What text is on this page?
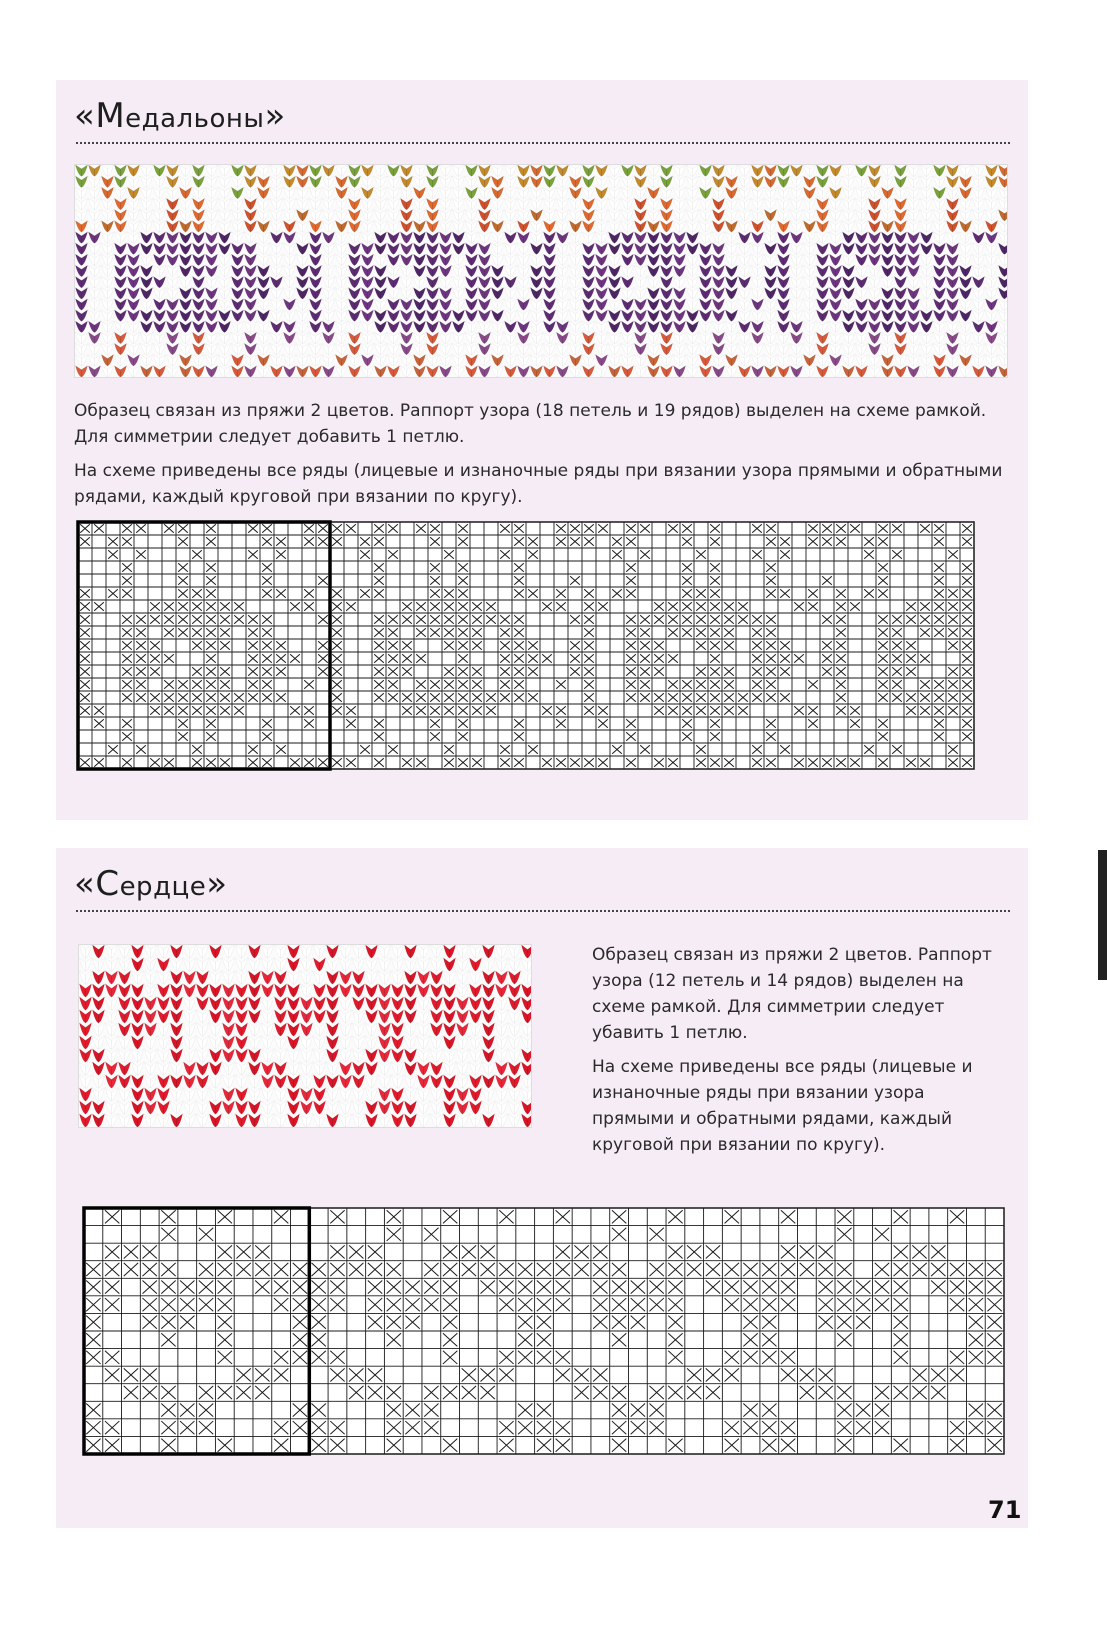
«Медальоны»

Образец связан из пряжи 2 цветов. Раппорт узора (18 петель и 19 рядов) выделен на схеме рамкой. Для симметрии следует добавить 1 петлю.

На схеме приведены все ряды (лицевые и изнаночные ряды при вязании узора прямыми и обратными рядами, каждый круговой при вязании по кругу).

«Сердце»

Образец связан из пряжи 2 цветов. Раппорт узора (12 петель и 14 рядов) выделен на схеме рамкой. Для симметрии следует убавить 1 петлю.

На схеме приведены все ряды (лицевые и изнаночные ряды при вязании узора прямыми и обратными рядами, каждый круговой при вязании по кругу).

71
